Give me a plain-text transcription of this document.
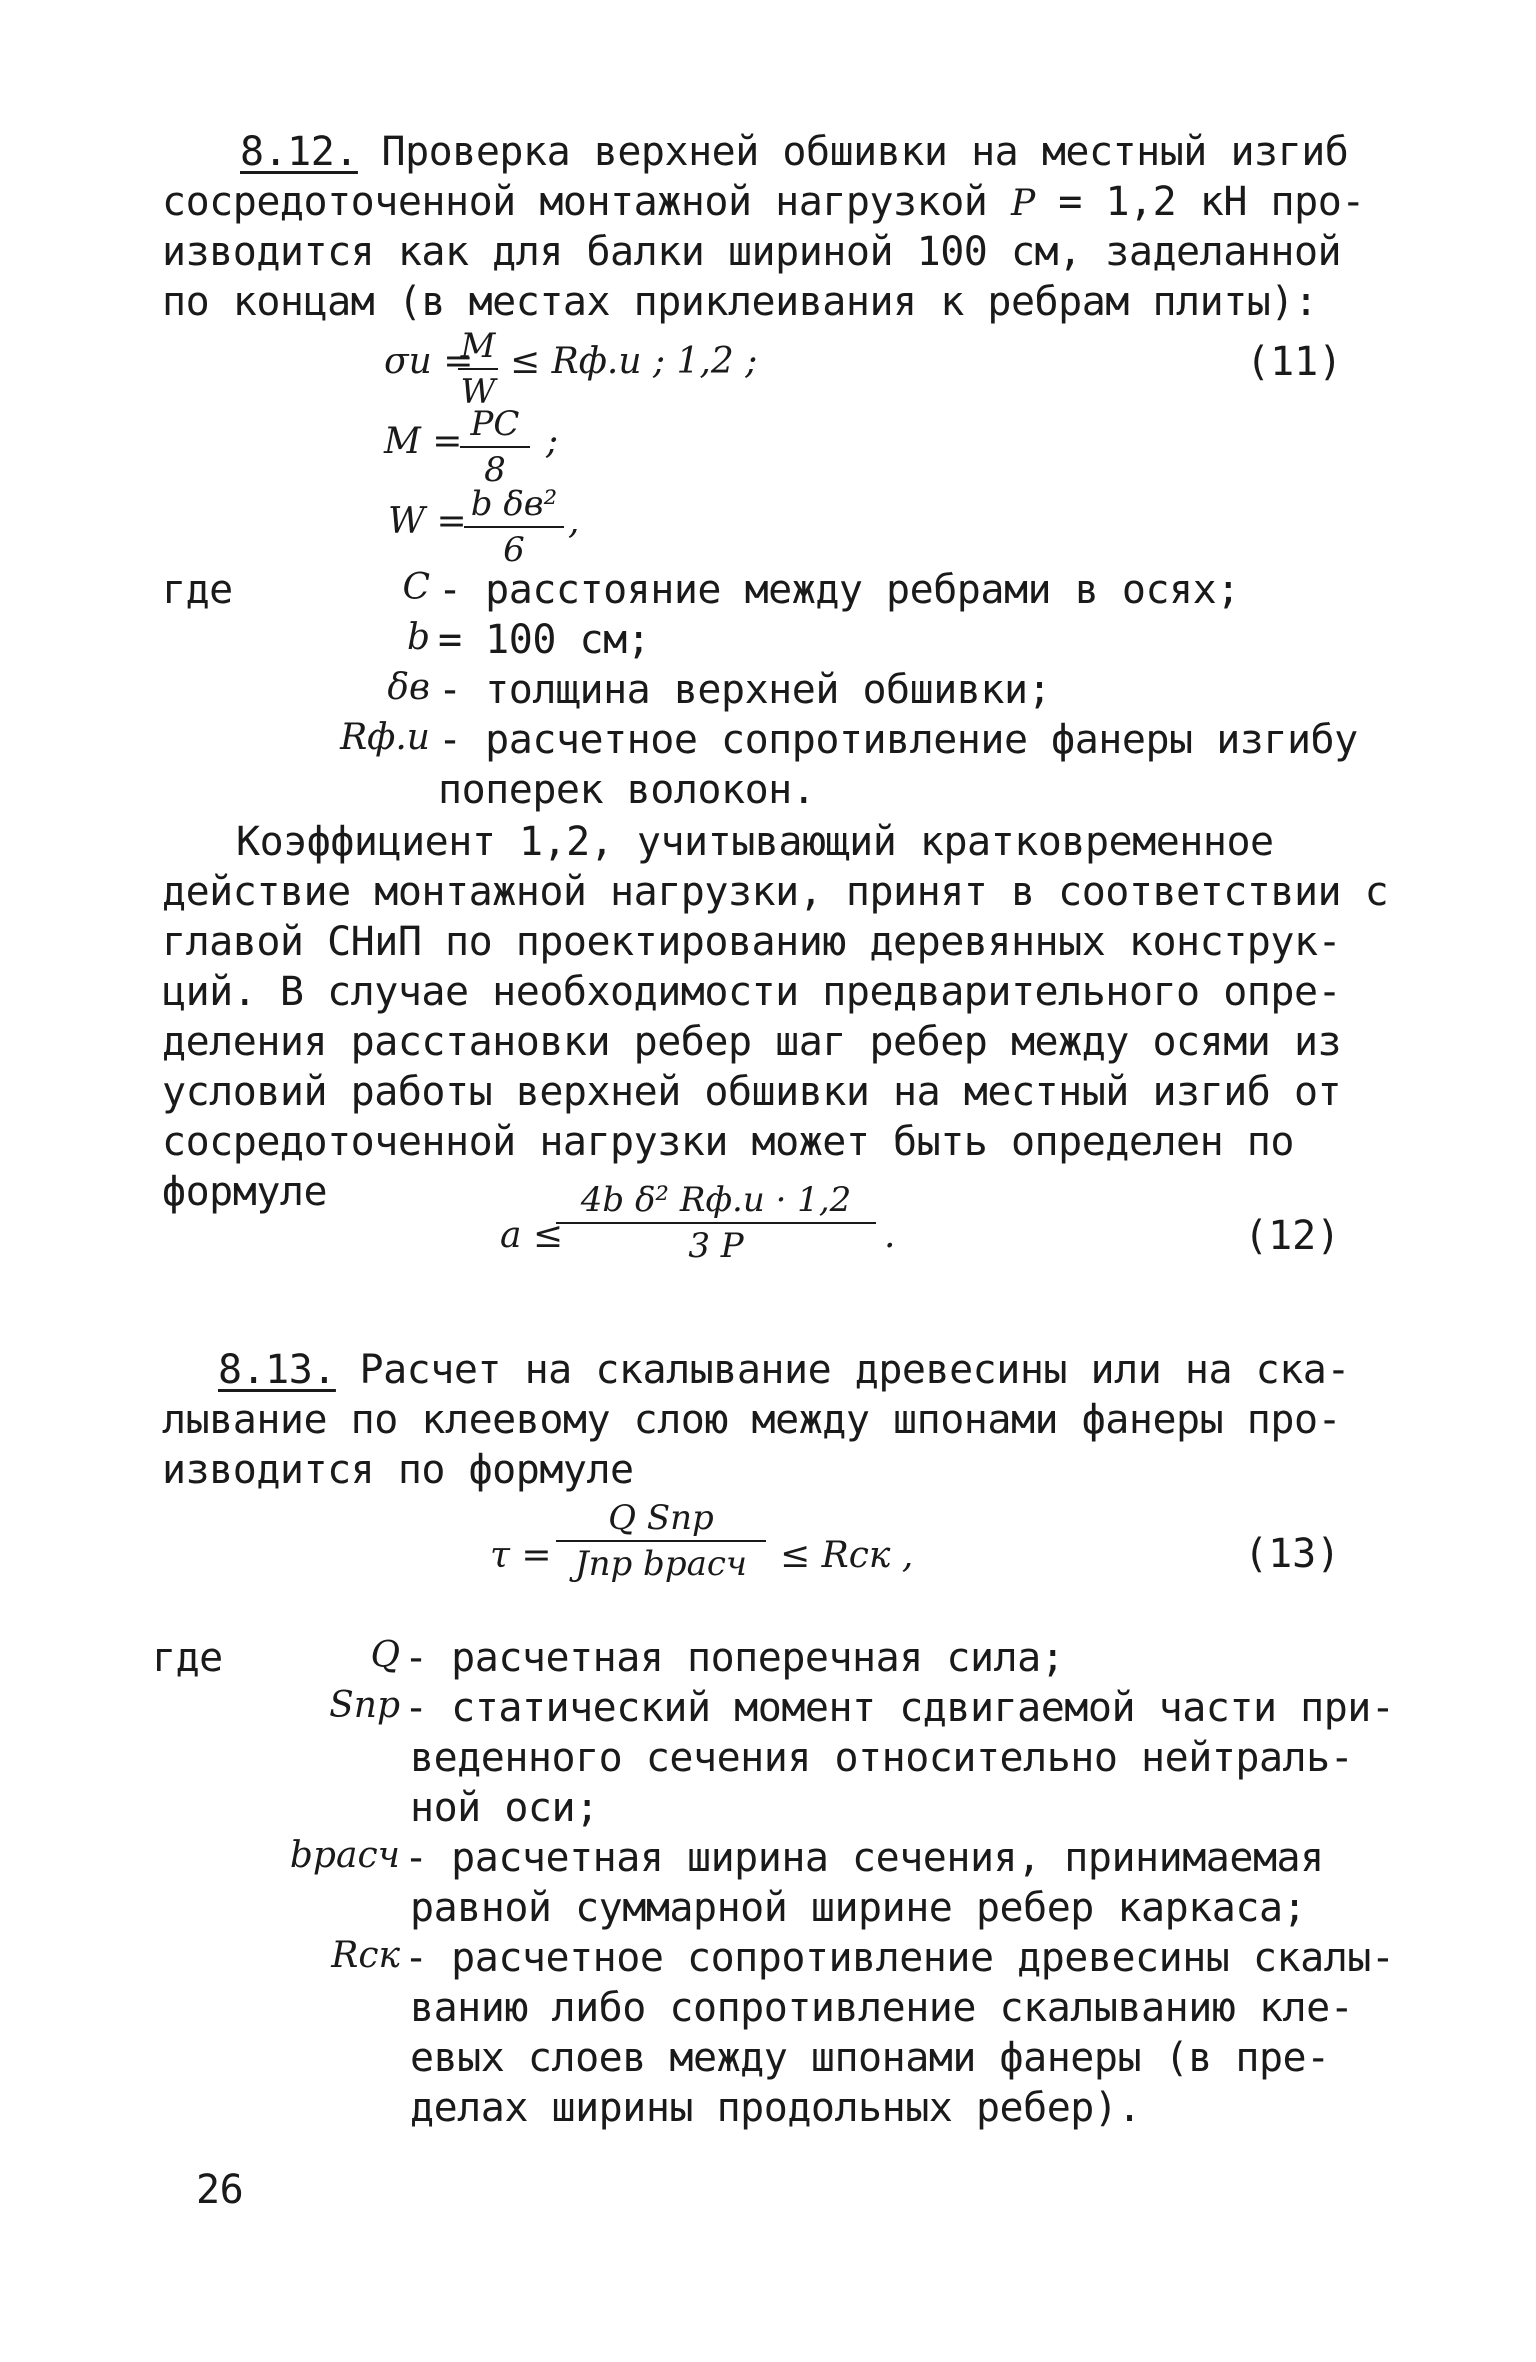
8.12. Проверка верхней обшивки на местный изгиб
сосредоточенной монтажной нагрузкой P = 1,2 кН про-
изводится как для балки шириной 100 см, заделанной
по концам (в местах приклеивания к ребрам плиты):
σи =
M
W
≤ Rф.и ; 1,2 ;	(11)
M = PC
8
;
W = b δв²
6
,
где	C - расстояние между ребрами в осях;
b = 100 см;
δв - толщина верхней обшивки;
Rф.и - расчетное сопротивление фанеры изгибу
поперек волокон.
Коэффициент 1,2, учитывающий кратковременное
действие монтажной нагрузки, принят в соответствии с
главой СНиП по проектированию деревянных конструк-
ций. В случае необходимости предварительного опре-
деления расстановки ребер шаг ребер между осями из
условий работы верхней обшивки на местный изгиб от
сосредоточенной нагрузки может быть определен по
формуле
a ≤
4b δ² Rф.и · 1,2
3 P	.	(12)
8.13. Расчет на скалывание древесины или на ска-
лывание по клеевому слою между шпонами фанеры про-
изводится по формуле
τ =
Q Sпр
Jпр bрасч ≤ Rск ,	(13)
где	Q - расчетная поперечная сила;
Sпр - статический момент сдвигаемой части при-
веденного сечения относительно нейтраль-
ной оси;
bрасч - расчетная ширина сечения, принимаемая
равной суммарной ширине ребер каркаса;
Rск - расчетное сопротивление древесины скалы-
ванию либо сопротивление скалыванию кле-
евых слоев между шпонами фанеры (в пре-
делах ширины продольных ребер).
26
